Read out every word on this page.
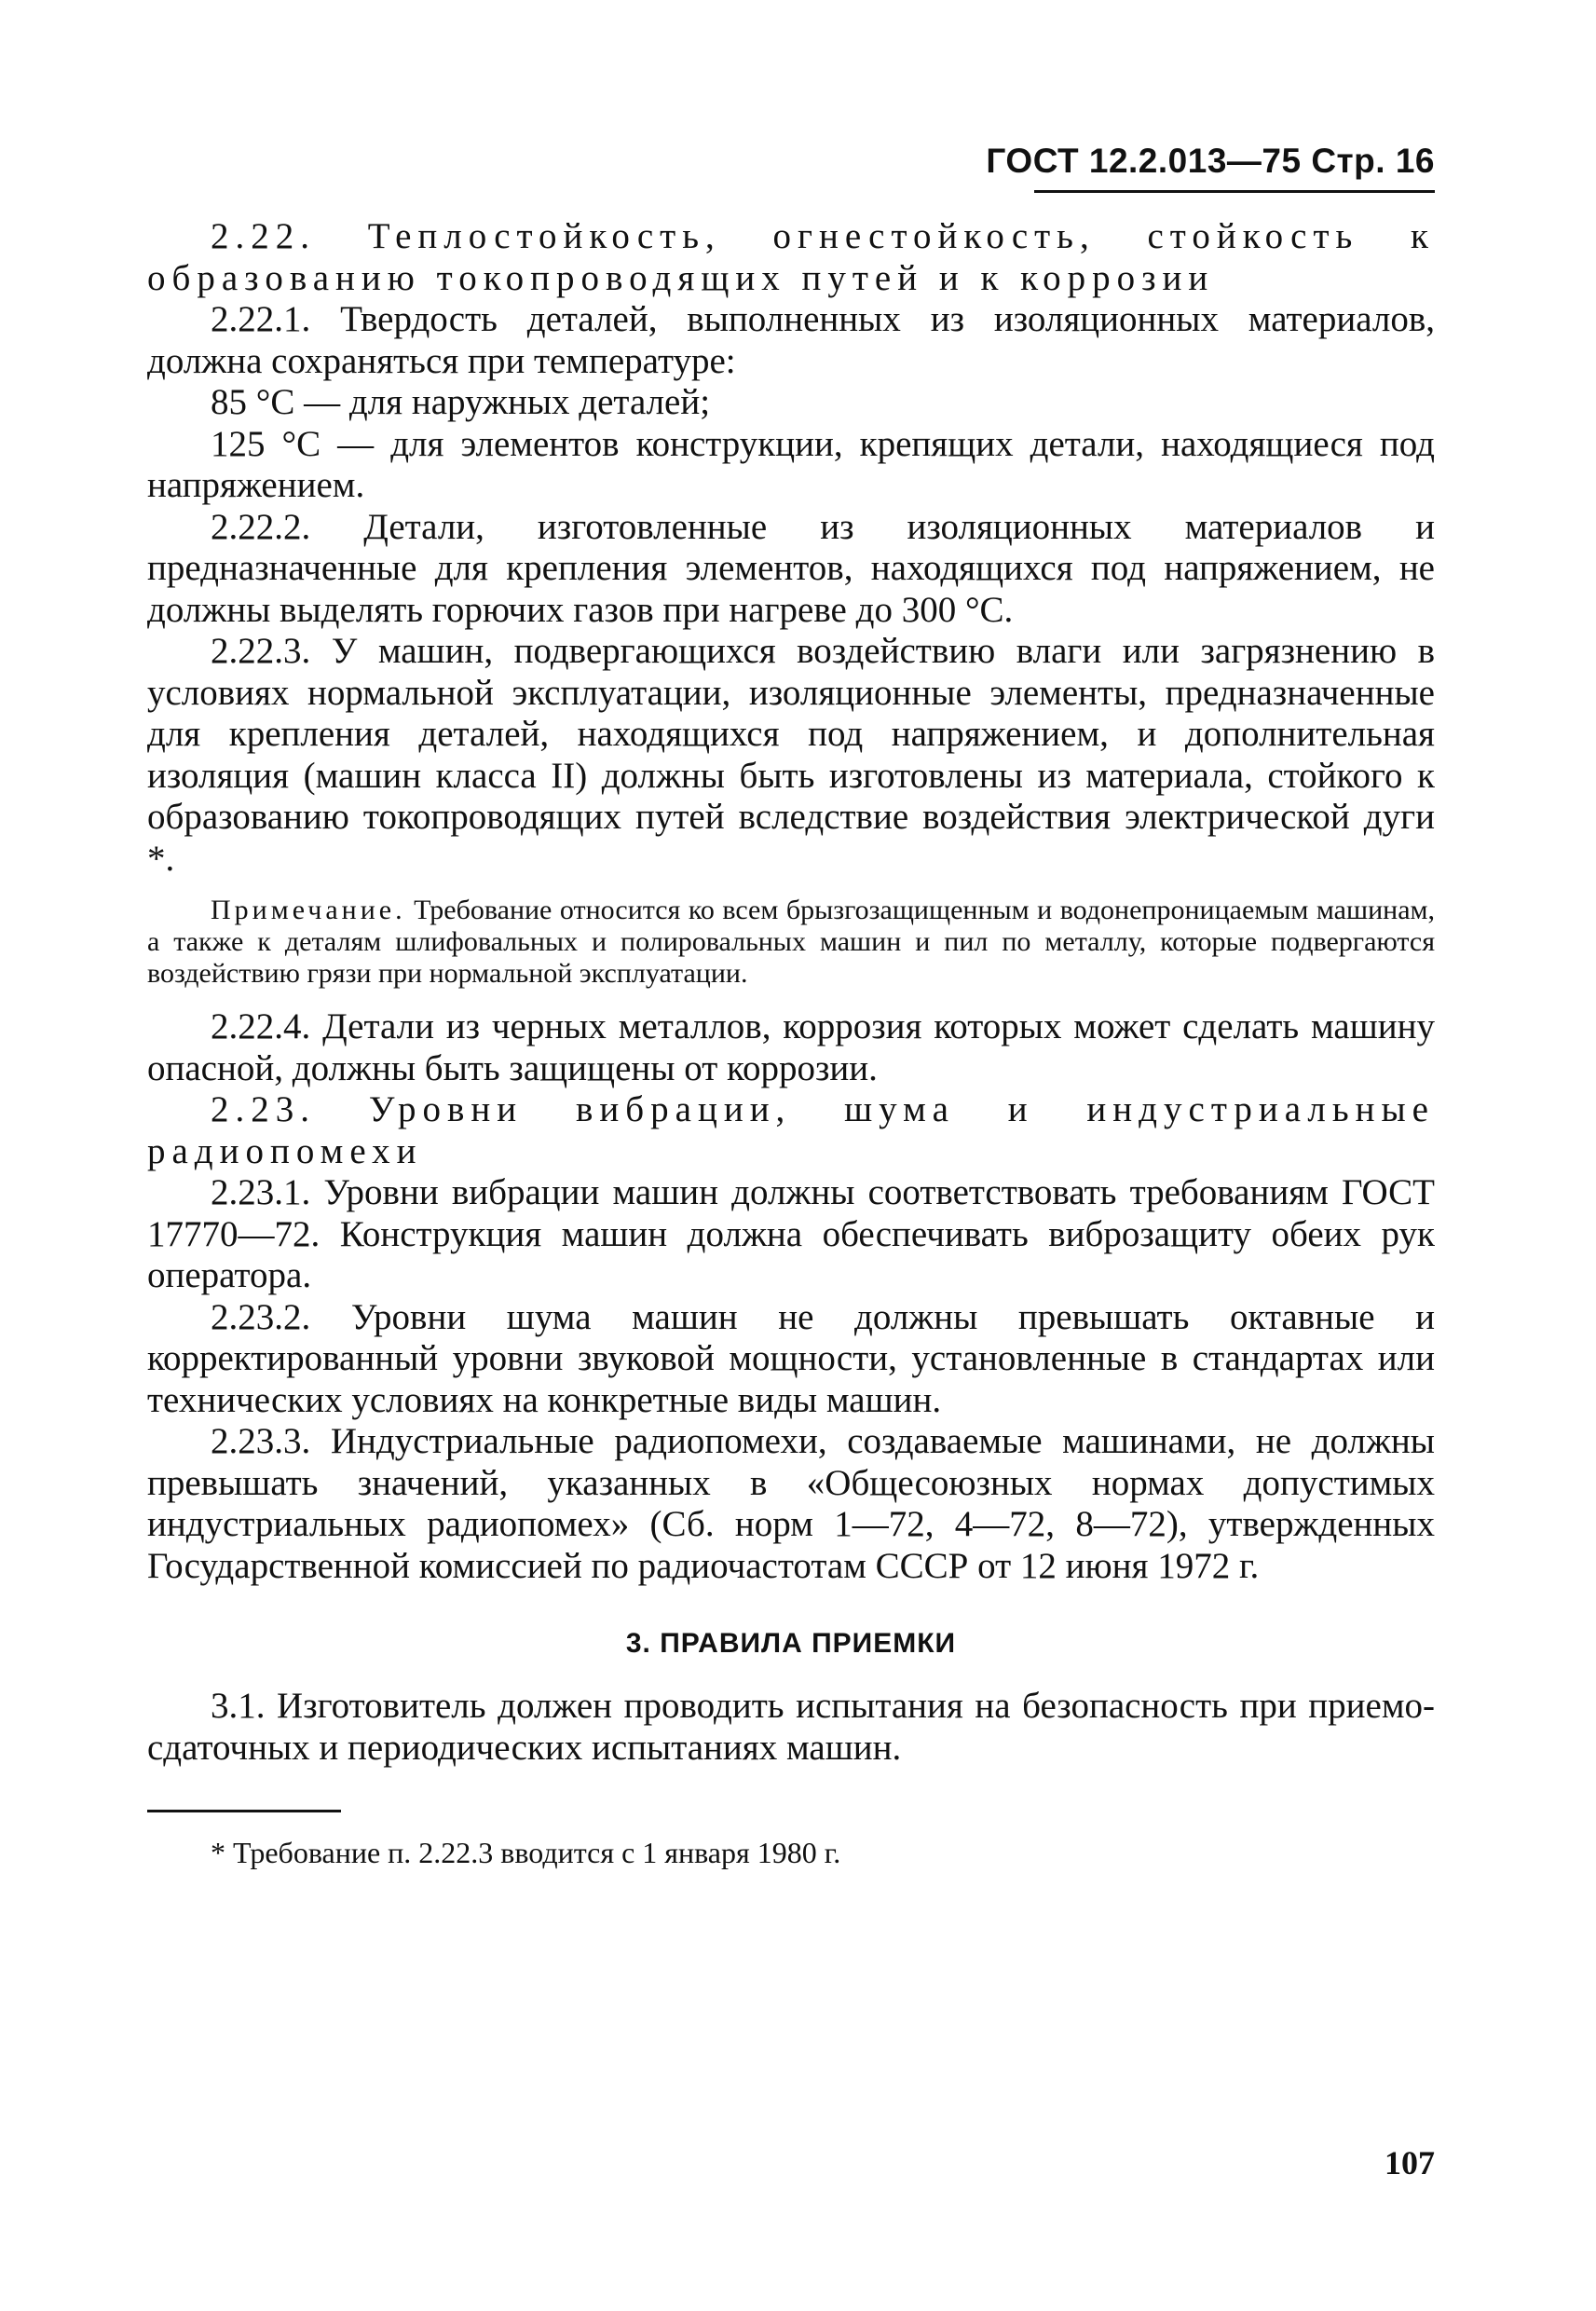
ГОСТ 12.2.013—75 Стр. 16

2.22. Теплостойкость, огнестойкость, стойкость к образованию токопроводящих путей и к коррозии

2.22.1. Твердость деталей, выполненных из изоляционных материалов, должна сохраняться при температуре:

85 °С — для наружных деталей;

125 °С — для элементов конструкции, крепящих детали, находящиеся под напряжением.

2.22.2. Детали, изготовленные из изоляционных материалов и предназначенные для крепления элементов, находящихся под напряжением, не должны выделять горючих газов при нагреве до 300 °С.

2.22.3. У машин, подвергающихся воздействию влаги или загрязнению в условиях нормальной эксплуатации, изоляционные элементы, предназначенные для крепления деталей, находящихся под напряжением, и дополнительная изоляция (машин класса II) должны быть изготовлены из материала, стойкого к образованию токопроводящих путей вследствие воздействия электрической дуги *.

Примечание. Требование относится ко всем брызгозащищенным и водонепроницаемым машинам, а также к деталям шлифовальных и полировальных машин и пил по металлу, которые подвергаются воздействию грязи при нормальной эксплуатации.

2.22.4. Детали из черных металлов, коррозия которых может сделать машину опасной, должны быть защищены от коррозии.

2.23. Уровни вибрации, шума и индустриальные радиопомехи

2.23.1. Уровни вибрации машин должны соответствовать требованиям ГОСТ 17770—72. Конструкция машин должна обеспечивать виброзащиту обеих рук оператора.

2.23.2. Уровни шума машин не должны превышать октавные и корректированный уровни звуковой мощности, установленные в стандартах или технических условиях на конкретные виды машин.

2.23.3. Индустриальные радиопомехи, создаваемые машинами, не должны превышать значений, указанных в «Общесоюзных нормах допустимых индустриальных радиопомех» (Сб. норм 1—72, 4—72, 8—72), утвержденных Государственной комиссией по радиочастотам СССР от 12 июня 1972 г.

3. ПРАВИЛА ПРИЕМКИ

3.1. Изготовитель должен проводить испытания на безопасность при приемо-сдаточных и периодических испытаниях машин.

* Требование п. 2.22.3 вводится с 1 января 1980 г.

107
